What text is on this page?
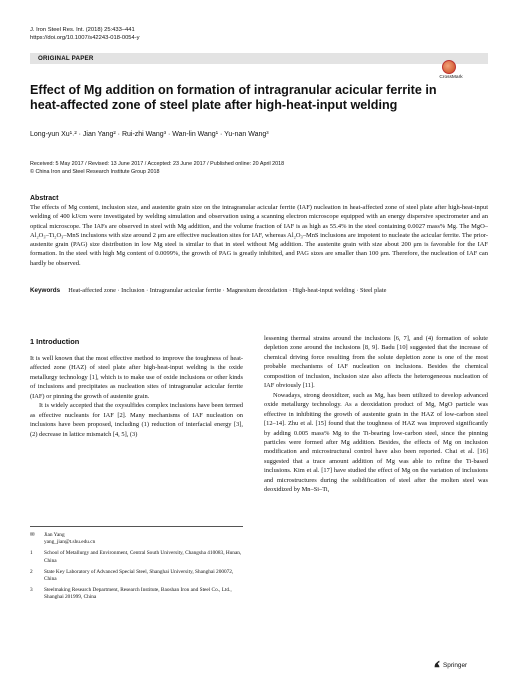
J. Iron Steel Res. Int. (2018) 25:433–441
https://doi.org/10.1007/s42243-018-0054-y
ORIGINAL PAPER
CrossMark
Effect of Mg addition on formation of intragranular acicular ferrite in heat-affected zone of steel plate after high-heat-input welding
Long-yun Xu¹˒² · Jian Yang² · Rui-zhi Wang³ · Wan-lin Wang¹ · Yu-nan Wang³
Received: 5 May 2017 / Revised: 13 June 2017 / Accepted: 23 June 2017 / Published online: 20 April 2018
© China Iron and Steel Research Institute Group 2018
Abstract
The effects of Mg content, inclusion size, and austenite grain size on the intragranular acicular ferrite (IAF) nucleation in heat-affected zone of steel plate after high-heat-input welding of 400 kJ/cm were investigated by welding simulation and observation using a scanning electron microscope equipped with an energy dispersive spectrometer and an optical microscope. The IAFs are observed in steel with Mg addition, and the volume fraction of IAF is as high as 55.4% in the steel containing 0.0027 mass% Mg. The MgO–Al₂O₃–Ti₂O₃–MnS inclusions with size around 2 μm are effective nucleation sites for IAF, whereas Al₂O₃–MnS inclusions are impotent to nucleate the acicular ferrite. The prior-austenite grain (PAG) size distribution in low Mg steel is similar to that in steel without Mg addition. The austenite grain with size about 200 μm is favorable for the IAF formation. In the steel with high Mg content of 0.0099%, the growth of PAG is greatly inhibited, and PAG sizes are smaller than 100 μm. Therefore, the nucleation of IAF can hardly be observed.
Keywords Heat-affected zone · Inclusion · Intragranular acicular ferrite · Magnesium deoxidation · High-heat-input welding · Steel plate
1 Introduction

It is well known that the most effective method to improve the toughness of heat-affected zone (HAZ) of steel plate after high-heat-input welding is the oxide metallurgy technology [1], which is to make use of oxide inclusions or other kinds of inclusions and precipitates as nucleation sites of intragranular acicular ferrite (IAF) or pinning the growth of austenite grain.

It is widely accepted that the oxysulfides complex inclusions have been termed as effective nucleants for IAF [2]. Many mechanisms of IAF nucleation on inclusions have been proposed, including (1) reduction of interfacial energy [3], (2) decrease in lattice mismatch [4, 5], (3)

lessening thermal strains around the inclusions [6, 7], and (4) formation of solute depletion zone around the inclusions [8, 9]. Badu [10] suggested that the increase of chemical driving force resulting from the solute depletion zone is one of the most probable mechanisms of IAF nucleation on inclusions. Besides the chemical composition of inclusion, inclusion size also affects the heterogeneous nucleation of IAF obviously [11].

Nowadays, strong deoxidizer, such as Mg, has been utilized to develop advanced oxide metallurgy technology. As a deoxidation product of Mg, MgO particle was effective in inhibiting the growth of austenite grain in the HAZ of low-carbon steel [12–14]. Zhu et al. [15] found that the toughness of HAZ was improved significantly by adding 0.005 mass% Mg to the Ti-bearing low-carbon steel, since the pinning particles were formed after Mg addition. Besides, the effects of Mg on inclusion modification and microstructural control have also been reported. Chai et al. [16] suggested that a trace amount addition of Mg was able to refine the Ti-based inclusions. Kim et al. [17] have studied the effect of Mg on the variation of inclusions and microstructures during the solidification of steel after the molten steel was deoxidized by Mn–Si–Ti,

✉	Jian Yang
yang_jian@t.shu.edu.cn
1	School of Metallurgy and Environment, Central South University, Changsha 410083, Hunan, China
2	State Key Laboratory of Advanced Special Steel, Shanghai University, Shanghai 200072, China
3	Steelmaking Research Department, Research Institute, Baoshan Iron and Steel Co., Ltd., Shanghai 201999, China
Springer
